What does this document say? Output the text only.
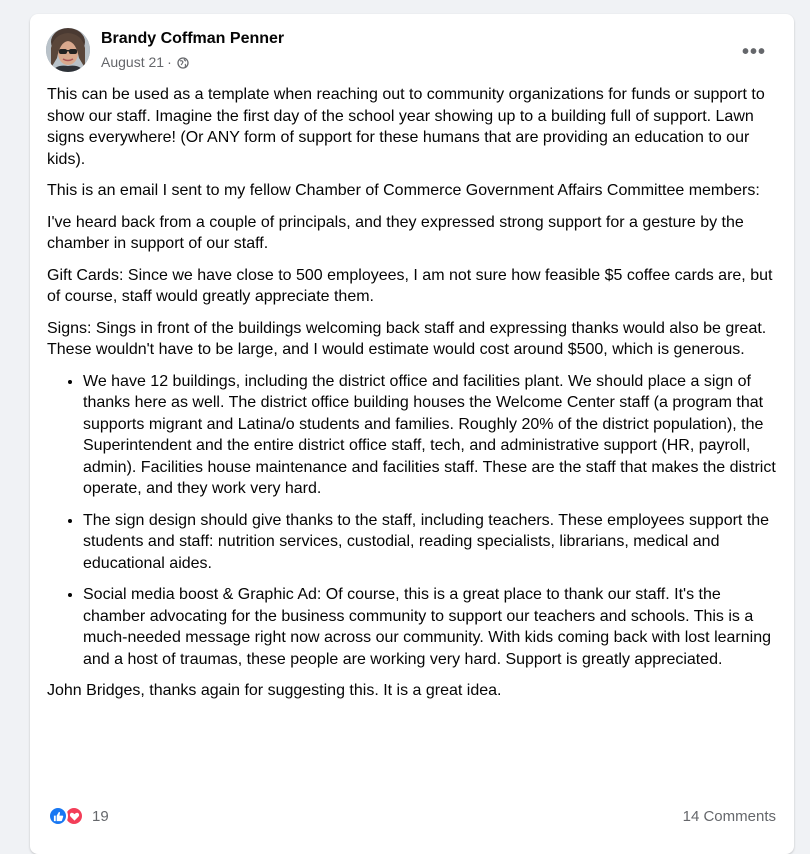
Brandy Coffman Penner
August 21 ·	•••

This can be used as a template when reaching out to community organizations for funds or support to show our staff. Imagine the first day of the school year showing up to a building full of support. Lawn signs everywhere! (Or ANY form of support for these humans that are providing an education to our kids).

This is an email I sent to my fellow Chamber of Commerce Government Affairs Committee members:

I've heard back from a couple of principals, and they expressed strong support for a gesture by the chamber in support of our staff.

Gift Cards: Since we have close to 500 employees, I am not sure how feasible $5 coffee cards are, but of course, staff would greatly appreciate them.

Signs: Sings in front of the buildings welcoming back staff and expressing thanks would also be great. These wouldn't have to be large, and I would estimate would cost around $500, which is generous.

• We have 12 buildings, including the district office and facilities plant. We should place a sign of thanks here as well. The district office building houses the Welcome Center staff (a program that supports migrant and Latina/o students and families. Roughly 20% of the district population), the Superintendent and the entire district office staff, tech, and administrative support (HR, payroll, admin). Facilities house maintenance and facilities staff. These are the staff that makes the district operate, and they work very hard.
• The sign design should give thanks to the staff, including teachers. These employees support the students and staff: nutrition services, custodial, reading specialists, librarians, medical and educational aides.
• Social media boost & Graphic Ad: Of course, this is a great place to thank our staff. It's the chamber advocating for the business community to support our teachers and schools. This is a much-needed message right now across our community. With kids coming back with lost learning and a host of traumas, these people are working very hard. Support is greatly appreciated.

John Bridges, thanks again for suggesting this. It is a great idea.

19	14 Comments
